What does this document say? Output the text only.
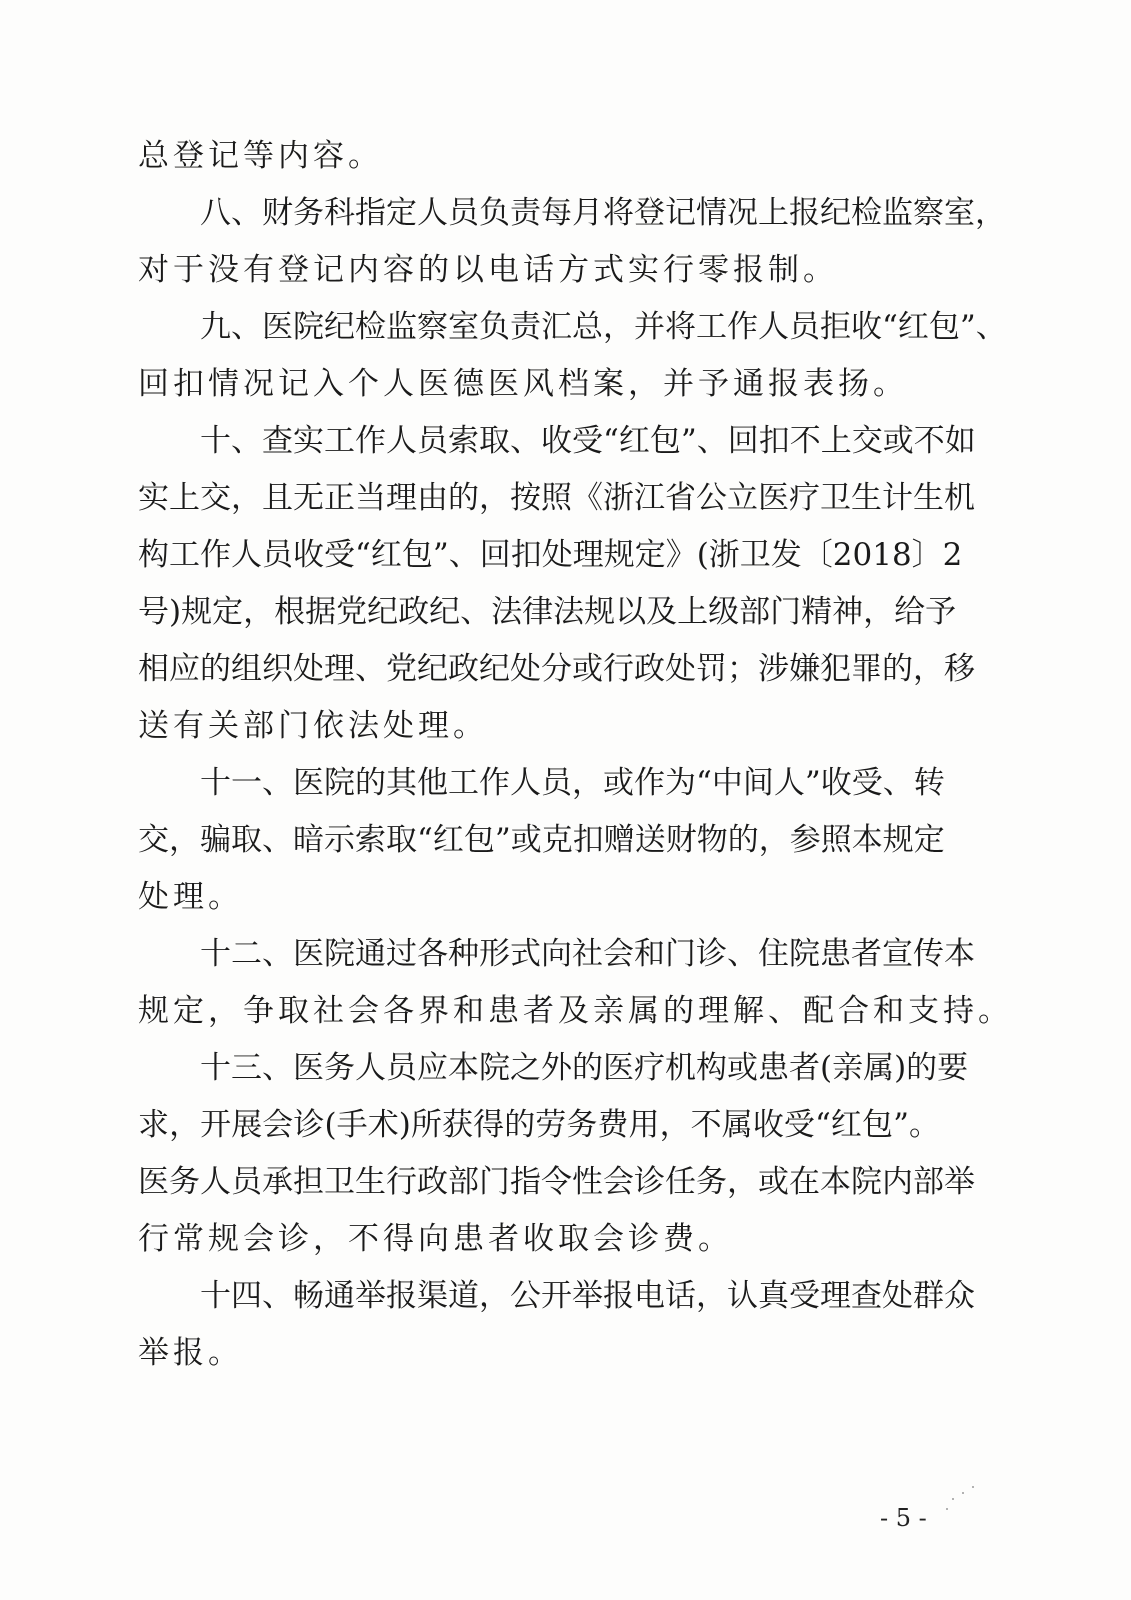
总登记等内容。
八、财务科指定人员负责每月将登记情况上报纪检监察室，
对于没有登记内容的以电话方式实行零报制。
九、医院纪检监察室负责汇总，并将工作人员拒收“红包”、
回扣情况记入个人医德医风档案，并予通报表扬。
十、查实工作人员索取、收受“红包”、回扣不上交或不如
实上交，且无正当理由的，按照《浙江省公立医疗卫生计生机
构工作人员收受“红包”、回扣处理规定》(浙卫发〔2018〕2
号)规定，根据党纪政纪、法律法规以及上级部门精神，给予
相应的组织处理、党纪政纪处分或行政处罚；涉嫌犯罪的，移
送有关部门依法处理。
十一、医院的其他工作人员，或作为“中间人”收受、转
交，骗取、暗示索取“红包”或克扣赠送财物的，参照本规定
处理。
十二、医院通过各种形式向社会和门诊、住院患者宣传本
规定，争取社会各界和患者及亲属的理解、配合和支持。
十三、医务人员应本院之外的医疗机构或患者(亲属)的要
求，开展会诊(手术)所获得的劳务费用，不属收受“红包”。
医务人员承担卫生行政部门指令性会诊任务，或在本院内部举
行常规会诊，不得向患者收取会诊费。
十四、畅通举报渠道，公开举报电话，认真受理查处群众
举报。
- 5 -
